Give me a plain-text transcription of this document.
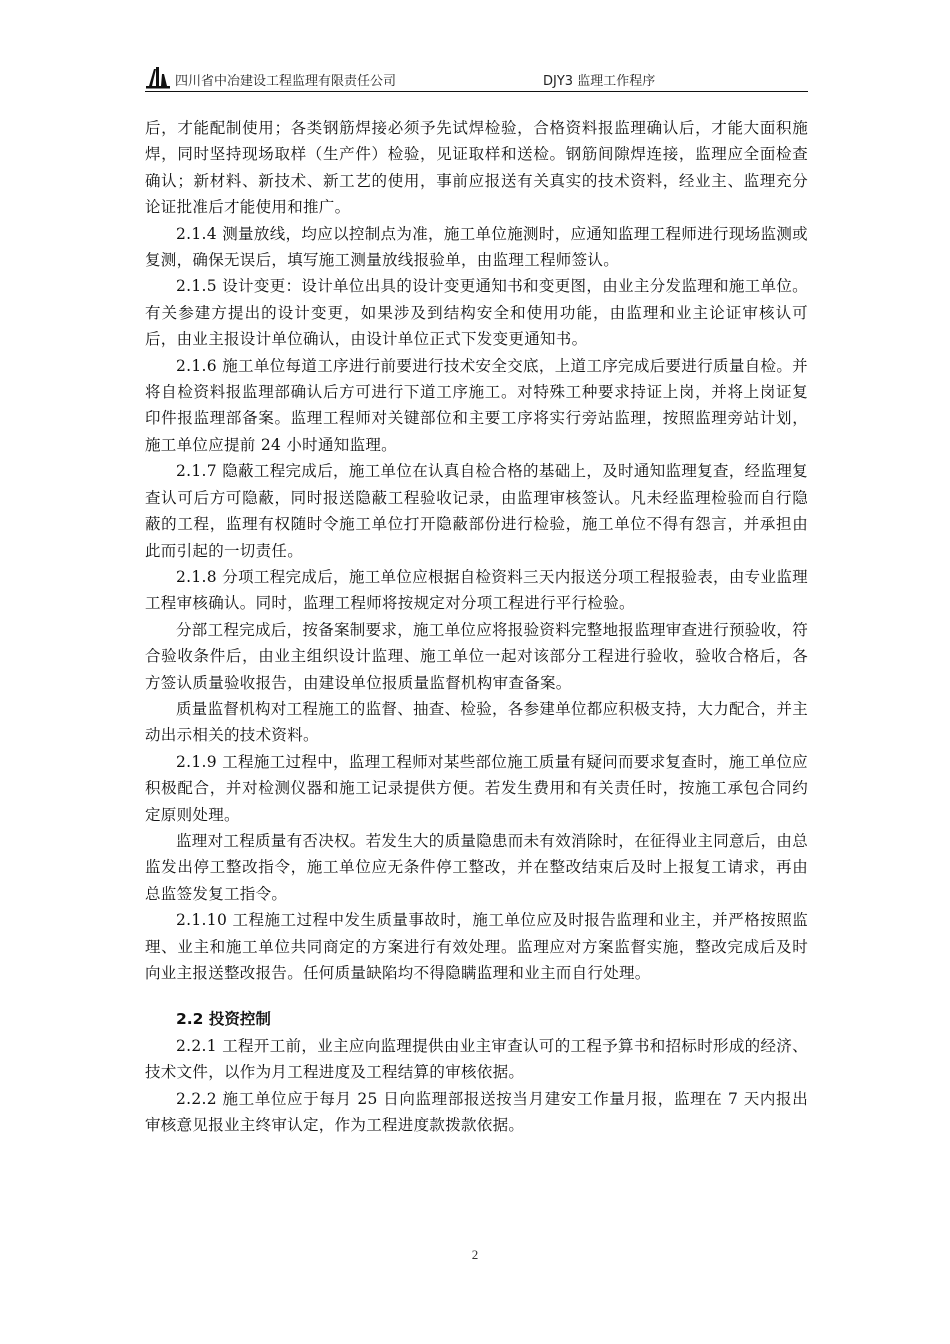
四川省中冶建设工程监理有限责任公司	DJY3 监理工作程序

后，才能配制使用；各类钢筋焊接必须予先试焊检验，合格资料报监理确认后，才能大面积施焊，同时坚持现场取样（生产件）检验，见证取样和送检。钢筋间隙焊连接，监理应全面检查确认；新材料、新技术、新工艺的使用，事前应报送有关真实的技术资料，经业主、监理充分论证批准后才能使用和推广。

2.1.4 测量放线，均应以控制点为准，施工单位施测时，应通知监理工程师进行现场监测或复测，确保无误后，填写施工测量放线报验单，由监理工程师签认。

2.1.5 设计变更：设计单位出具的设计变更通知书和变更图，由业主分发监理和施工单位。有关参建方提出的设计变更，如果涉及到结构安全和使用功能，由监理和业主论证审核认可后，由业主报设计单位确认，由设计单位正式下发变更通知书。

2.1.6 施工单位每道工序进行前要进行技术安全交底，上道工序完成后要进行质量自检。并将自检资料报监理部确认后方可进行下道工序施工。对特殊工种要求持证上岗，并将上岗证复印件报监理部备案。监理工程师对关键部位和主要工序将实行旁站监理，按照监理旁站计划，施工单位应提前 24 小时通知监理。

2.1.7 隐蔽工程完成后，施工单位在认真自检合格的基础上，及时通知监理复查，经监理复查认可后方可隐蔽，同时报送隐蔽工程验收记录，由监理审核签认。凡未经监理检验而自行隐蔽的工程，监理有权随时令施工单位打开隐蔽部份进行检验，施工单位不得有怨言，并承担由此而引起的一切责任。

2.1.8 分项工程完成后，施工单位应根据自检资料三天内报送分项工程报验表，由专业监理工程审核确认。同时，监理工程师将按规定对分项工程进行平行检验。

分部工程完成后，按备案制要求，施工单位应将报验资料完整地报监理审查进行预验收，符合验收条件后，由业主组织设计监理、施工单位一起对该部分工程进行验收，验收合格后，各方签认质量验收报告，由建设单位报质量监督机构审查备案。

质量监督机构对工程施工的监督、抽查、检验，各参建单位都应积极支持，大力配合，并主动出示相关的技术资料。

2.1.9 工程施工过程中，监理工程师对某些部位施工质量有疑问而要求复查时，施工单位应积极配合，并对检测仪器和施工记录提供方便。若发生费用和有关责任时，按施工承包合同约定原则处理。

监理对工程质量有否决权。若发生大的质量隐患而未有效消除时，在征得业主同意后，由总监发出停工整改指令，施工单位应无条件停工整改，并在整改结束后及时上报复工请求，再由总监签发复工指令。

2.1.10 工程施工过程中发生质量事故时，施工单位应及时报告监理和业主，并严格按照监理、业主和施工单位共同商定的方案进行有效处理。监理应对方案监督实施，整改完成后及时向业主报送整改报告。任何质量缺陷均不得隐瞒监理和业主而自行处理。

2.2 投资控制

2.2.1 工程开工前，业主应向监理提供由业主审查认可的工程予算书和招标时形成的经济、技术文件，以作为月工程进度及工程结算的审核依据。

2.2.2 施工单位应于每月 25 日向监理部报送按当月建安工作量月报，监理在 7 天内报出审核意见报业主终审认定，作为工程进度款拨款依据。

2
